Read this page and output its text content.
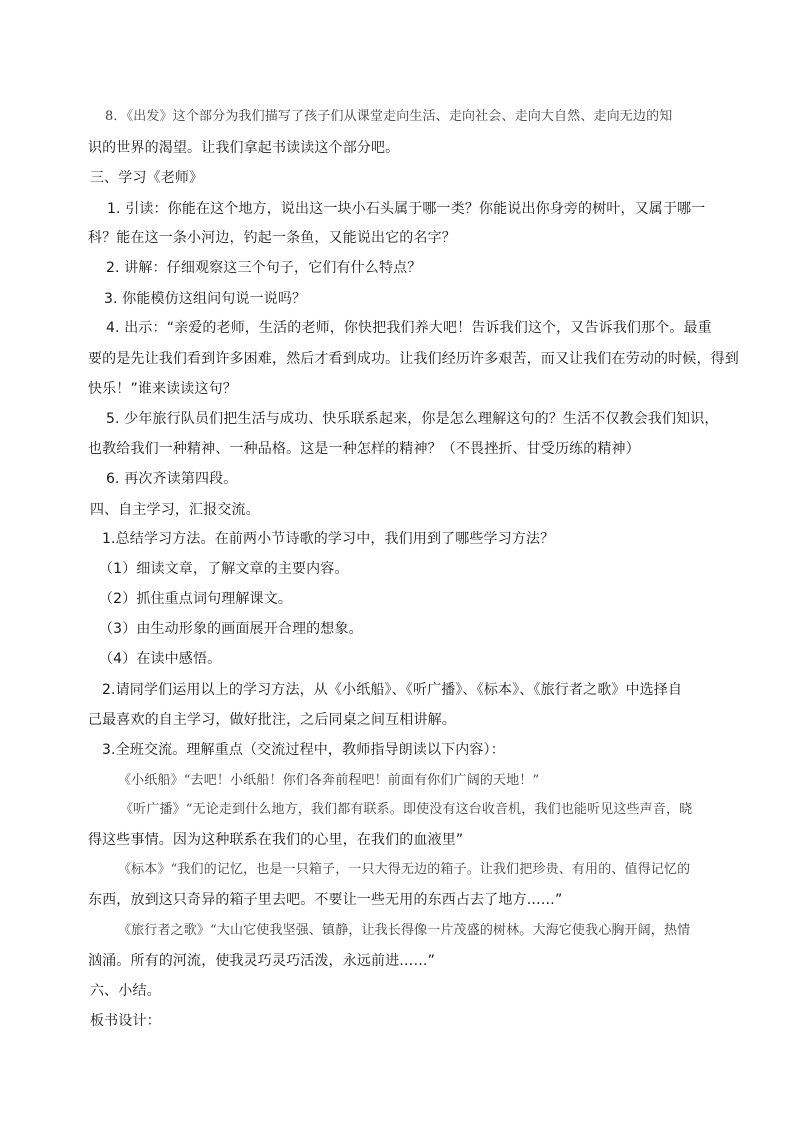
8．《出发》这个部分为我们描写了孩子们从课堂走向生活、走向社会、走向大自然、走向无边的知
识的世界的渴望。让我们拿起书读读这个部分吧。
三、学习《老师》
1. 引读：你能在这个地方，说出这一块小石头属于哪一类？你能说出你身旁的树叶，又属于哪一
科？能在这一条小河边，钓起一条鱼，又能说出它的名字？
2. 讲解：仔细观察这三个句子，它们有什么特点？
3. 你能模仿这组问句说一说吗？
4. 出示：“亲爱的老师，生活的老师，你快把我们养大吧！告诉我们这个，又告诉我们那个。最重
要的是先让我们看到许多困难，然后才看到成功。让我们经历许多艰苦，而又让我们在劳动的时候，得到
快乐！”谁来读读这句？
5. 少年旅行队员们把生活与成功、快乐联系起来，你是怎么理解这句的？生活不仅教会我们知识，
也教给我们一种精神、一种品格。这是一种怎样的精神？（不畏挫折、甘受历练的精神）
6. 再次齐读第四段。
四、自主学习，汇报交流。
1.总结学习方法。在前两小节诗歌的学习中，我们用到了哪些学习方法？
（1）细读文章，了解文章的主要内容。
（2）抓住重点词句理解课文。
（3）由生动形象的画面展开合理的想象。
（4）在读中感悟。
2.请同学们运用以上的学习方法，从《小纸船》、《听广播》、《标本》、《旅行者之歌》中选择自
己最喜欢的自主学习，做好批注，之后同桌之间互相讲解。
3.全班交流。理解重点（交流过程中，教师指导朗读以下内容）：
《小纸船》“去吧！小纸船！你们各奔前程吧！前面有你们广阔的天地！”
《听广播》“无论走到什么地方，我们都有联系。即使没有这台收音机，我们也能听见这些声音，晓
得这些事情。因为这种联系在我们的心里，在我们的血液里”
《标本》“我们的记忆，也是一只箱子，一只大得无边的箱子。让我们把珍贵、有用的、值得记忆的
东西，放到这只奇异的箱子里去吧。不要让一些无用的东西占去了地方……”
《旅行者之歌》“大山它使我坚强、镇静，让我长得像一片茂盛的树林。大海它使我心胸开阔，热情
汹涌。所有的河流，使我灵巧灵巧活泼，永远前进……”
六、小结。
板书设计：
